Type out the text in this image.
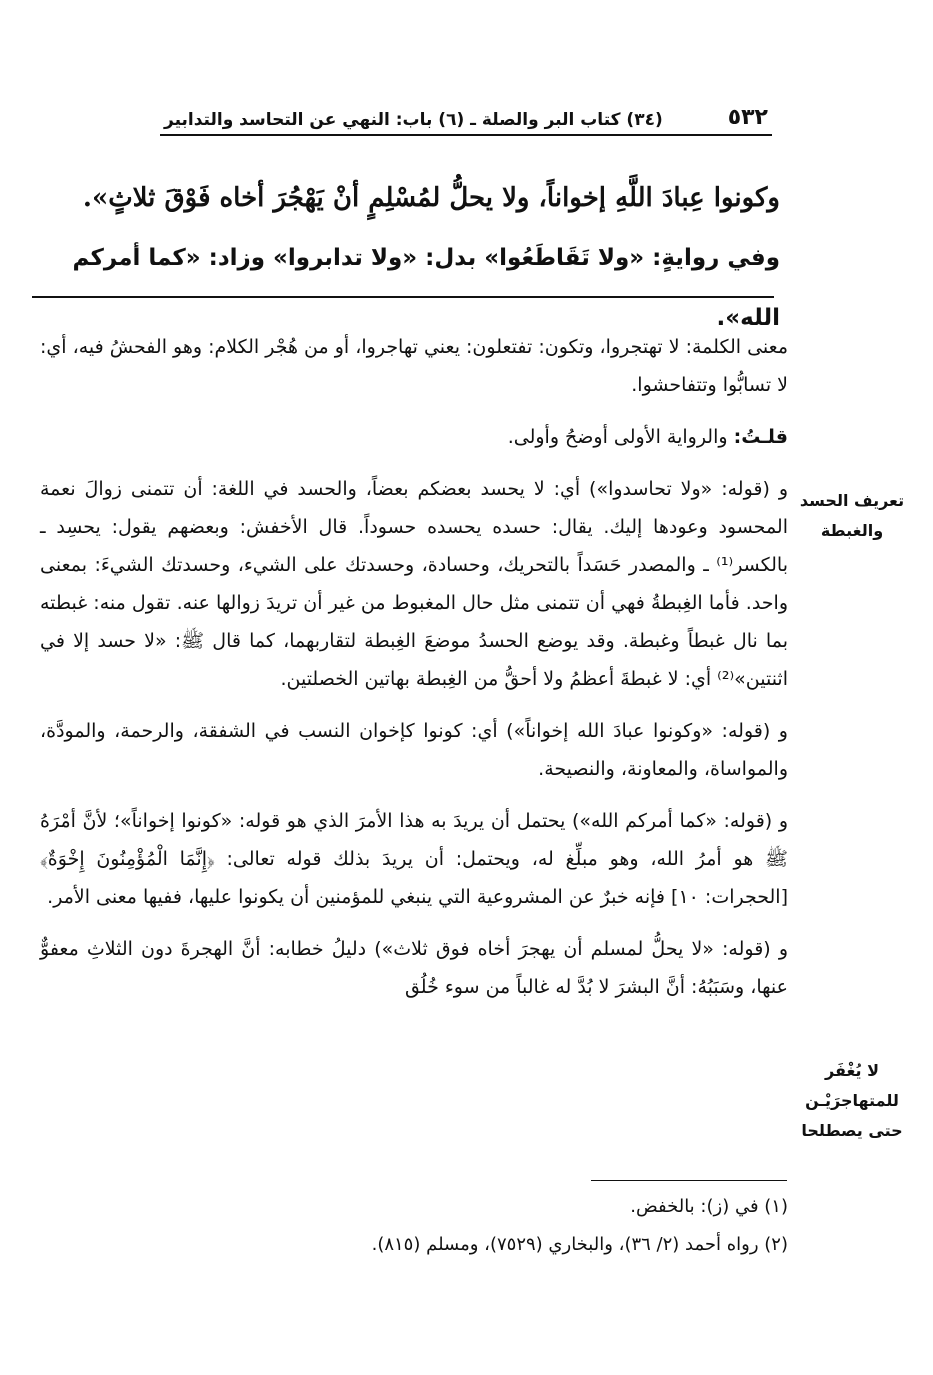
٥٣٢
(٣٤) كتاب البر والصلة ـ (٦) باب: النهي عن التحاسد والتدابير

وكونوا عِبادَ اللَّهِ إخواناً، ولا يحلُّ لمُسْلِمٍ أنْ يَهْجُرَ أخاه فَوْقَ ثلاثٍ».

وفي روايةٍ: «ولا تَقَاطَعُوا» بدل: «ولا تدابروا» وزاد: «كما أمركم الله».

معنى الكلمة: لا تهتجروا، وتكون: تفتعلون: يعني تهاجروا، أو من هُجْر الكلام: وهو الفحشُ فيه، أي: لا تسابُّوا وتتفاحشوا.

قلـتُ: والرواية الأولى أوضحُ وأولى.

و (قوله: «ولا تحاسدوا») أي: لا يحسد بعضكم بعضاً، والحسد في اللغة: أن تتمنى زوالَ نعمة المحسود وعودها إليك. يقال: حسده يحسده حسوداً. قال الأخفش: وبعضهم يقول: يحسِد ـ بالكسر⁽¹⁾ ـ والمصدر حَسَداً بالتحريك، وحسادة، وحسدتك على الشيء، وحسدتك الشيءَ: بمعنى واحد. فأما الغِبطةُ فهي أن تتمنى مثل حال المغبوط من غير أن تريدَ زوالها عنه. تقول منه: غبطته بما نال غبطاً وغبطة. وقد يوضع الحسدُ موضعَ الغِبطة لتقاربهما، كما قال ﷺ: «لا حسد إلا في اثنتين»⁽²⁾ أي: لا غبطةَ أعظمُ ولا أحقُّ من الغِبطة بهاتين الخصلتين.

و (قوله: «وكونوا عبادَ الله إخواناً») أي: كونوا كإخوان النسب في الشفقة، والرحمة، والمودَّة، والمواساة، والمعاونة، والنصيحة.

و (قوله: «كما أمركم الله») يحتمل أن يريدَ به هذا الأمرَ الذي هو قوله: «كونوا إخواناً»؛ لأنَّ أمْرَهُ ﷺ هو أمرُ الله، وهو مبلِّغ له، ويحتمل: أن يريدَ بذلك قوله تعالى: ﴿إِنَّمَا الْمُؤْمِنُونَ إِخْوَةٌ﴾ [الحجرات: ١٠] فإنه خبرٌ عن المشروعية التي ينبغي للمؤمنين أن يكونوا عليها، ففيها معنى الأمر.

و (قوله: «لا يحلُّ لمسلم أن يهجرَ أخاه فوق ثلاث») دليلُ خطابه: أنَّ الهجرةَ دون الثلاثِ معفوٌّ عنها، وسَبَبُهُ: أنَّ البشرَ لا بُدَّ له غالباً من سوء خُلُق

تعريف الحسد
والغبطة
لا يُغْفَر
للمتهاجرَيْـن
حتى يصطلحا

(١) في (ز): بالخفض.

(٢) رواه أحمد (٢/ ٣٦)، والبخاري (٧٥٢٩)، ومسلم (٨١٥).
